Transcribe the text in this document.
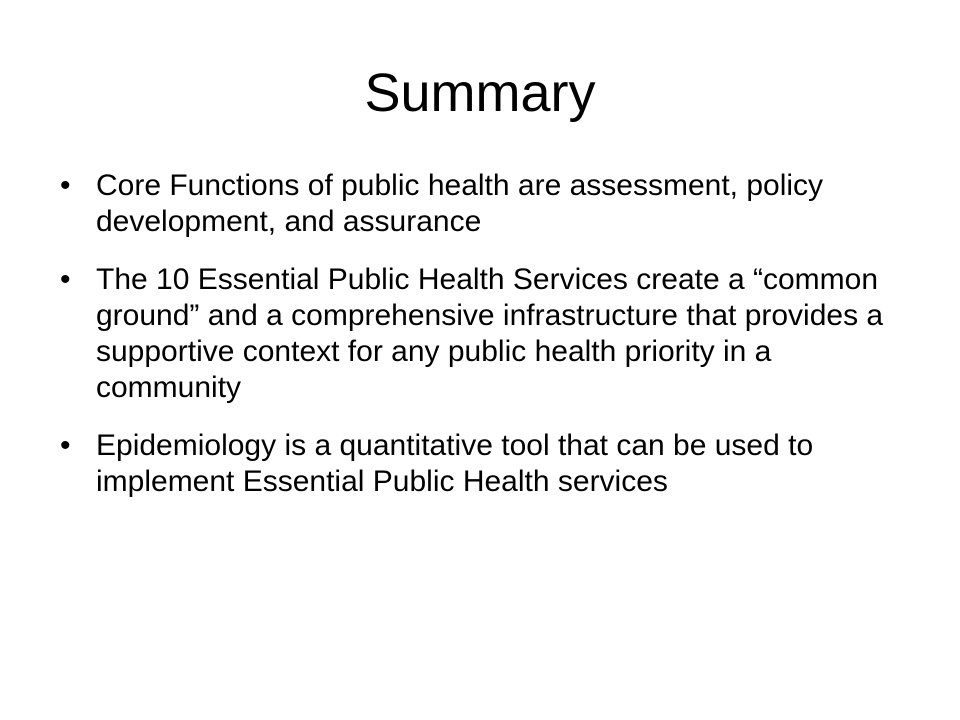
Summary
• Core Functions of public health are assessment, policy development, and assurance
• The 10 Essential Public Health Services create a “common ground” and a comprehensive infrastructure that provides a supportive context for any public health priority in a community
• Epidemiology is a quantitative tool that can be used to implement Essential Public Health services
